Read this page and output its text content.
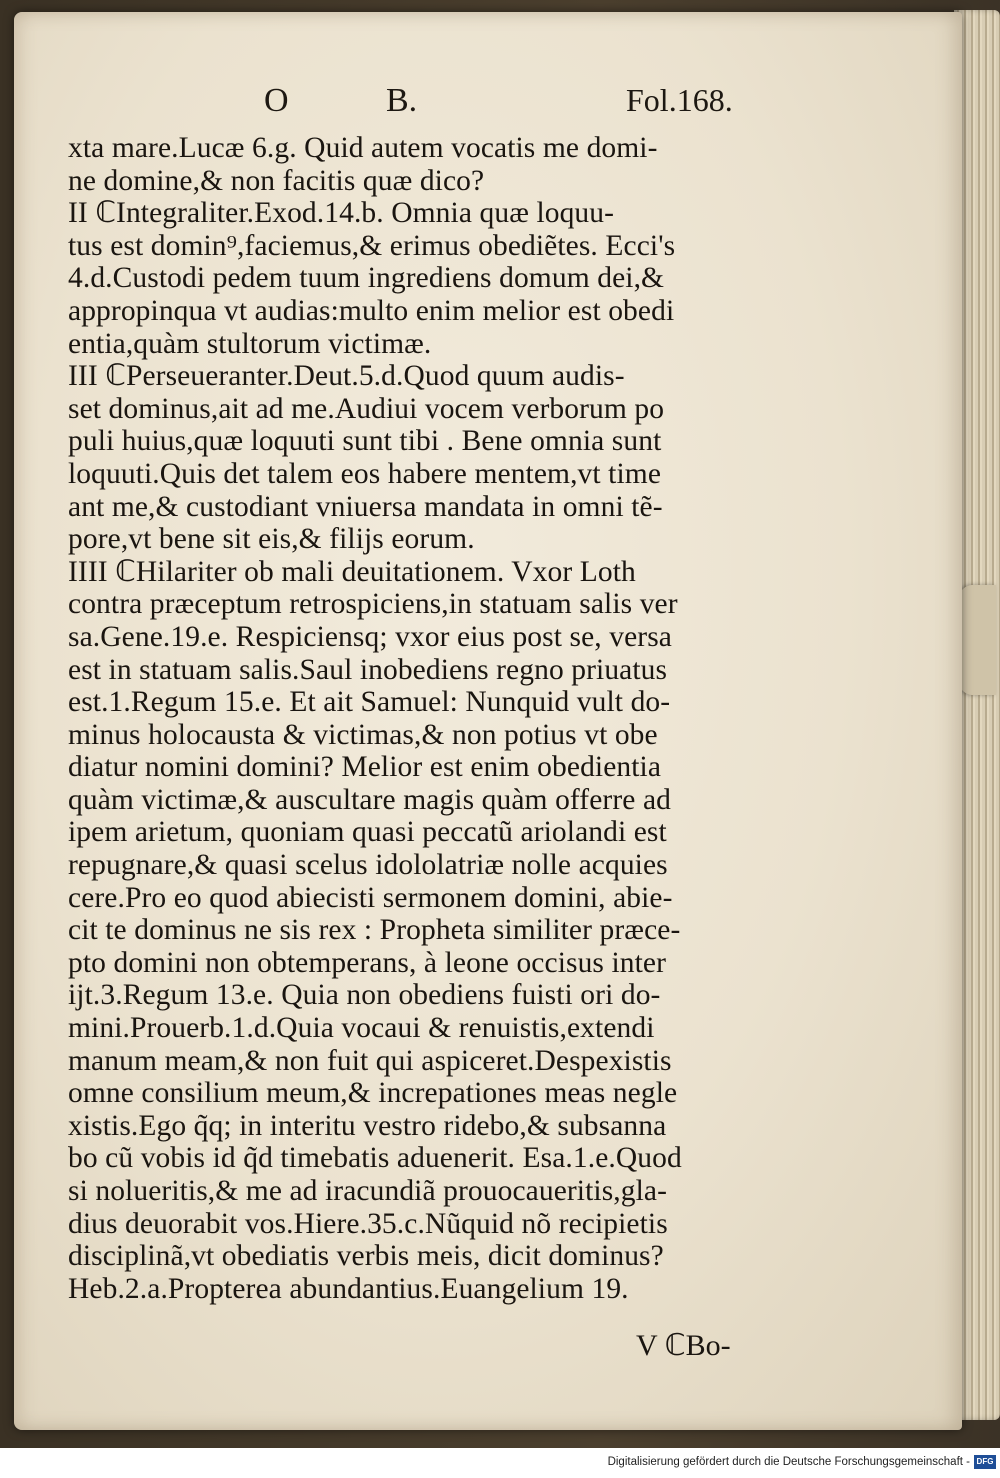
O	B.	Fol.168.
xta mare.Lucæ 6.g. Quid autem vocatis me domi-
ne domine,& non facitis quæ dico?
II ℂIntegraliter.Exod.14.b. Omnia quæ loquu-
tus est domin⁹,faciemus,& erimus obediẽtes. Ecci's
4.d.Custodi pedem tuum ingrediens domum dei,&
appropinqua vt audias:multo enim melior est obedi
entia,quàm stultorum victimæ.
III ℂPerseueranter.Deut.5.d.Quod quum audis-
set dominus,ait ad me.Audiui vocem verborum po
puli huius,quæ loquuti sunt tibi . Bene omnia sunt
loquuti.Quis det talem eos habere mentem,vt time
ant me,& custodiant vniuersa mandata in omni tẽ-
pore,vt bene sit eis,& filijs eorum.
IIII ℂHilariter ob mali deuitationem. Vxor Loth
contra præceptum retrospiciens,in statuam salis ver
sa.Gene.19.e. Respiciensq; vxor eius post se, versa
est in statuam salis.Saul inobediens regno priuatus
est.1.Regum 15.e. Et ait Samuel: Nunquid vult do-
minus holocausta & victimas,& non potius vt obe
diatur nomini domini? Melior est enim obedientia
quàm victimæ,& auscultare magis quàm offerre ad
ipem arietum, quoniam quasi peccatũ ariolandi est
repugnare,& quasi scelus idololatriæ nolle acquies
cere.Pro eo quod abiecisti sermonem domini, abie-
cit te dominus ne sis rex : Propheta similiter præce-
pto domini non obtemperans, à leone occisus inter
ijt.3.Regum 13.e. Quia non obediens fuisti ori do-
mini.Prouerb.1.d.Quia vocaui & renuistis,extendi
manum meam,& non fuit qui aspiceret.Despexistis
omne consilium meum,& increpationes meas negle
xistis.Ego q̃q; in interitu vestro ridebo,& subsanna
bo cũ vobis id q̃d timebatis aduenerit. Esa.1.e.Quod
si nolueritis,& me ad iracundiã prouocaueritis,gla-
dius deuorabit vos.Hiere.35.c.Nũquid nõ recipietis
disciplinã,vt obediatis verbis meis, dicit dominus?
Heb.2.a.Propterea abundantius.Euangelium 19.
V ℂBo-
Digitalisierung gefördert durch die Deutsche Forschungsgemeinschaft - DFG
